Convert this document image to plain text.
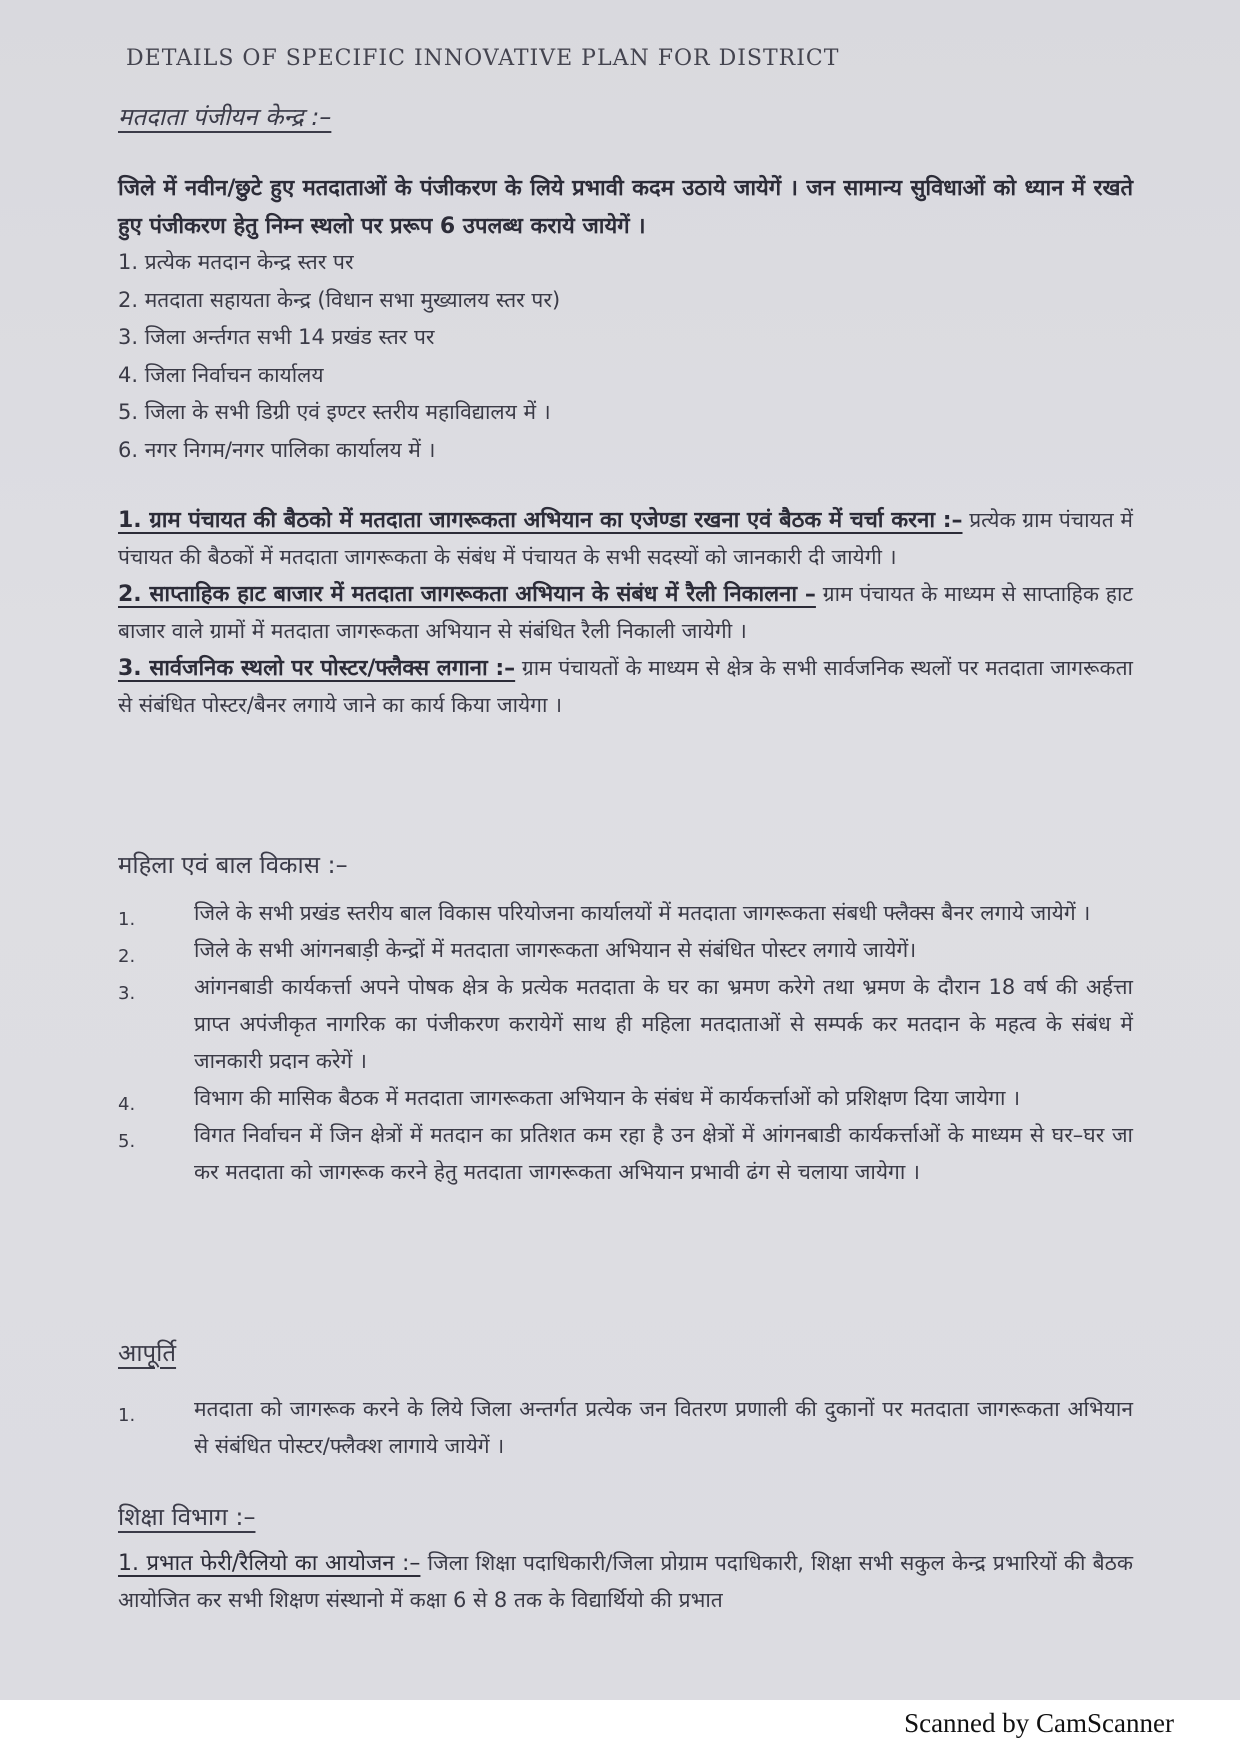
DETAILS OF SPECIFIC INNOVATIVE PLAN FOR DISTRICT
मतदाता पंजीयन केन्द्र :–

जिले में नवीन/छुटे हुए मतदाताओं के पंजीकरण के लिये प्रभावी कदम उठाये जायेगें । जन सामान्य सुविधाओं को ध्यान में रखते हुए पंजीकरण हेतु निम्न स्थलो पर प्ररूप 6 उपलब्ध कराये जायेगें ।

1. प्रत्येक मतदान केन्द्र स्तर पर
2. मतदाता सहायता केन्द्र (विधान सभा मुख्यालय स्तर पर)
3. जिला अर्न्तगत सभी 14 प्रखंड स्तर पर
4. जिला निर्वाचन कार्यालय
5. जिला के सभी डिग्री एवं इण्टर स्तरीय महाविद्यालय में ।
6. नगर निगम/नगर पालिका कार्यालय में ।

1. ग्राम पंचायत की बैठको में मतदाता जागरूकता अभियान का एजेण्डा रखना एवं बैठक में चर्चा करना :– प्रत्येक ग्राम पंचायत में पंचायत की बैठकों में मतदाता जागरूकता के संबंध में पंचायत के सभी सदस्यों को जानकारी दी जायेगी ।

2. साप्ताहिक हाट बाजार में मतदाता जागरूकता अभियान के संबंध में रैली निकालना – ग्राम पंचायत के माध्यम से साप्ताहिक हाट बाजार वाले ग्रामों में मतदाता जागरूकता अभियान से संबंधित रैली निकाली जायेगी ।

3. सार्वजनिक स्थलो पर पोस्टर/फ्लैक्स लगाना :– ग्राम पंचायतों के माध्यम से क्षेत्र के सभी सार्वजनिक स्थलों पर मतदाता जागरूकता से संबंधित पोस्टर/बैनर लगाये जाने का कार्य किया जायेगा ।

महिला एवं बाल विकास :–
1.	जिले के सभी प्रखंड स्तरीय बाल विकास परियोजना कार्यालयों में मतदाता जागरूकता संबधी फ्लैक्स बैनर लगाये जायेगें ।
2.	जिले के सभी आंगनबाड़ी केन्द्रों में मतदाता जागरूकता अभियान से संबंधित पोस्टर लगाये जायेगें।
3.	आंगनबाडी कार्यकर्त्ता अपने पोषक क्षेत्र के प्रत्येक मतदाता के घर का भ्रमण करेगे तथा भ्रमण के दौरान 18 वर्ष की अर्हत्ता प्राप्त अपंजीकृत नागरिक का पंजीकरण करायेगें साथ ही महिला मतदाताओं से सम्पर्क कर मतदान के महत्व के संबंध में जानकारी प्रदान करेगें ।
4.	विभाग की मासिक बैठक में मतदाता जागरूकता अभियान के संबंध में कार्यकर्त्ताओं को प्रशिक्षण दिया जायेगा ।
5.	विगत निर्वाचन में जिन क्षेत्रों में मतदान का प्रतिशत कम रहा है उन क्षेत्रों में आंगनबाडी कार्यकर्त्ताओं के माध्यम से घर–घर जा कर मतदाता को जागरूक करने हेतु मतदाता जागरूकता अभियान प्रभावी ढंग से चलाया जायेगा ।
आपूर्ति
1.	मतदाता को जागरूक करने के लिये जिला अन्तर्गत प्रत्येक जन वितरण प्रणाली की दुकानों पर मतदाता जागरूकता अभियान से संबंधित पोस्टर/फ्लैक्श लागाये जायेगें ।
शिक्षा विभाग :–

1. प्रभात फेरी/रैलियो का आयोजन :– जिला शिक्षा पदाधिकारी/जिला प्रोग्राम पदाधिकारी, शिक्षा सभी सकुल केन्द्र प्रभारियों की बैठक आयोजित कर सभी शिक्षण संस्थानो में कक्षा 6 से 8 तक के विद्यार्थियो की प्रभात

Scanned by CamScanner
